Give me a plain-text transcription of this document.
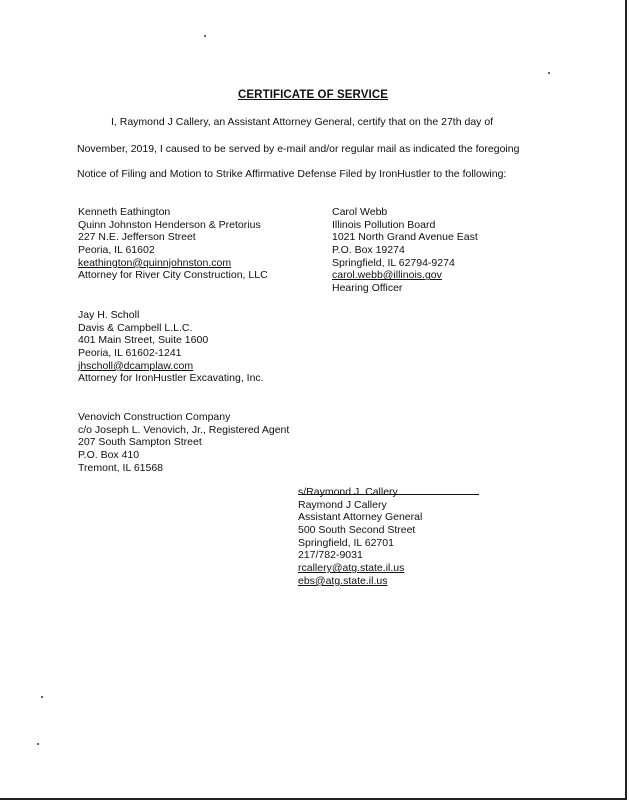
CERTIFICATE OF SERVICE
I, Raymond J Callery, an Assistant Attorney General, certify that on the 27th day of
November, 2019, I caused to be served by e-mail and/or regular mail as indicated the foregoing
Notice of Filing and Motion to Strike Affirmative Defense Filed by IronHustler to the following:
Kenneth Eathington
Quinn Johnston Henderson & Pretorius
227 N.E. Jefferson Street
Peoria, IL 61602
keathington@quinnjohnston.com
Attorney for River City Construction, LLC
Carol Webb
Illinois Pollution Board
1021 North Grand Avenue East
P.O. Box 19274
Springfield, IL 62794-9274
carol.webb@illinois.gov
Hearing Officer
Jay H. Scholl
Davis & Campbell L.L.C.
401 Main Street, Suite 1600
Peoria, IL 61602-1241
jhscholl@dcamplaw.com
Attorney for IronHustler Excavating, Inc.
Venovich Construction Company
c/o Joseph L. Venovich, Jr., Registered Agent
207 South Sampton Street
P.O. Box 410
Tremont, IL 61568
s/Raymond J. Callery
Raymond J Callery
Assistant Attorney General
500 South Second Street
Springfield, IL 62701
217/782-9031
rcallery@atg.state.il.us
ebs@atg.state.il.us
